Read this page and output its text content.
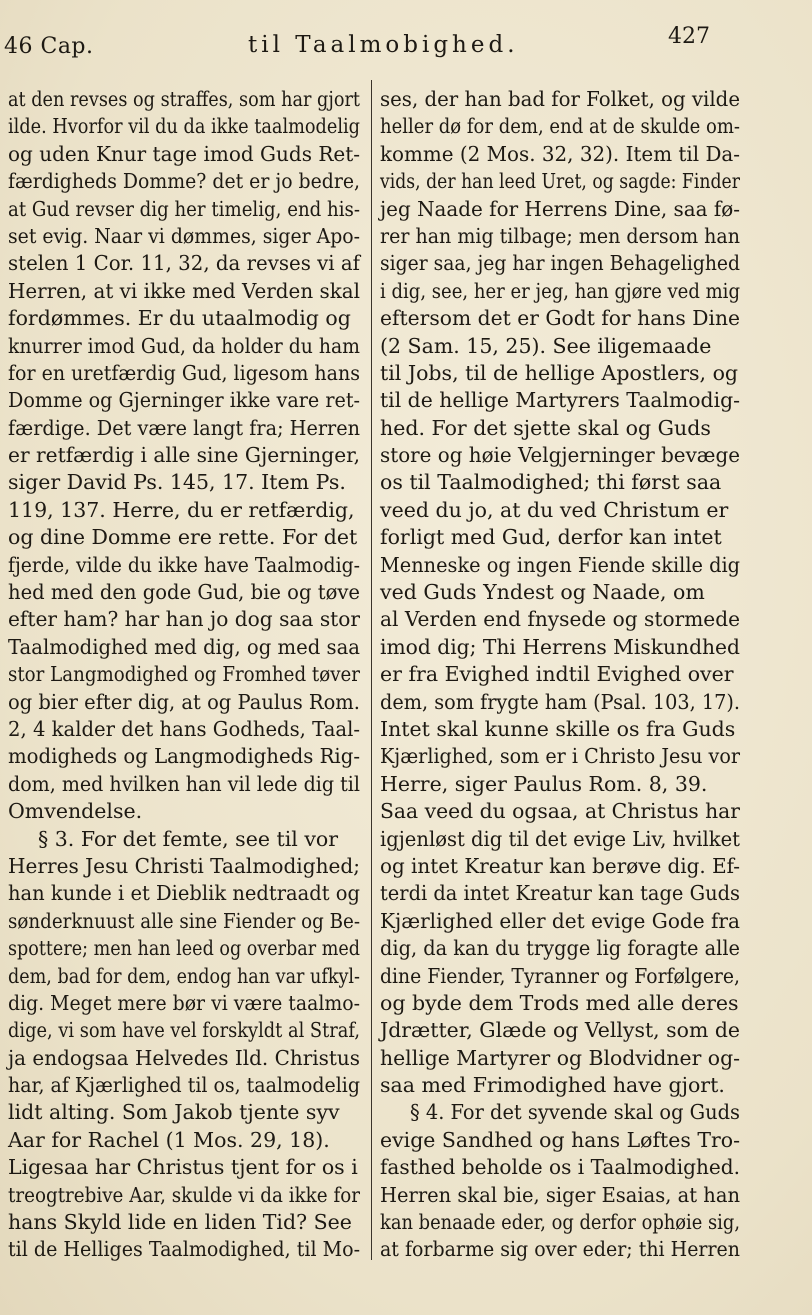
46 Cap.	til Taalmobighed.	427
at den revses og straffes, som har gjort
ilde. Hvorfor vil du da ikke taalmodelig
og uden Knur tage imod Guds Ret-
færdigheds Domme? det er jo bedre,
at Gud revser dig her timelig, end his-
set evig. Naar vi dømmes, siger Apo-
stelen 1 Cor. 11, 32, da revses vi af
Herren, at vi ikke med Verden skal
fordømmes. Er du utaalmodig og
knurrer imod Gud, da holder du ham
for en uretfærdig Gud, ligesom hans
Domme og Gjerninger ikke vare ret-
færdige. Det være langt fra; Herren
er retfærdig i alle sine Gjerninger,
siger David Ps. 145, 17. Item Ps.
119, 137. Herre, du er retfærdig,
og dine Domme ere rette. For det
fjerde, vilde du ikke have Taalmodig-
hed med den gode Gud, bie og tøve
efter ham? har han jo dog saa stor
Taalmodighed med dig, og med saa
stor Langmodighed og Fromhed tøver
og bier efter dig, at og Paulus Rom.
2, 4 kalder det hans Godheds, Taal-
modigheds og Langmodigheds Rig-
dom, med hvilken han vil lede dig til
Omvendelse.
§ 3. For det femte, see til vor
Herres Jesu Christi Taalmodighed;
han kunde i et Dieblik nedtraadt og
sønderknuust alle sine Fiender og Be-
spottere; men han leed og overbar med
dem, bad for dem, endog han var ufkyl-
dig. Meget mere bør vi være taalmo-
dige, vi som have vel forskyldt al Straf,
ja endogsaa Helvedes Ild. Christus
har, af Kjærlighed til os, taalmodelig
lidt alting. Som Jakob tjente syv
Aar for Rachel (1 Mos. 29, 18).
Ligesaa har Christus tjent for os i
treogtrebive Aar, skulde vi da ikke for
hans Skyld lide en liden Tid? See
til de Helliges Taalmodighed, til Mo-
ses, der han bad for Folket, og vilde
heller dø for dem, end at de skulde om-
komme (2 Mos. 32, 32). Item til Da-
vids, der han leed Uret, og sagde: Finder
jeg Naade for Herrens Dine, saa fø-
rer han mig tilbage; men dersom han
siger saa, jeg har ingen Behagelighed
i dig, see, her er jeg, han gjøre ved mig
eftersom det er Godt for hans Dine
(2 Sam. 15, 25). See iligemaade
til Jobs, til de hellige Apostlers, og
til de hellige Martyrers Taalmodig-
hed. For det sjette skal og Guds
store og høie Velgjerninger bevæge
os til Taalmodighed; thi først saa
veed du jo, at du ved Christum er
forligt med Gud, derfor kan intet
Menneske og ingen Fiende skille dig
ved Guds Yndest og Naade, om
al Verden end fnysede og stormede
imod dig; Thi Herrens Miskundhed
er fra Evighed indtil Evighed over
dem, som frygte ham (Psal. 103, 17).
Intet skal kunne skille os fra Guds
Kjærlighed, som er i Christo Jesu vor
Herre, siger Paulus Rom. 8, 39.
Saa veed du ogsaa, at Christus har
igjenløst dig til det evige Liv, hvilket
og intet Kreatur kan berøve dig. Ef-
terdi da intet Kreatur kan tage Guds
Kjærlighed eller det evige Gode fra
dig, da kan du trygge lig foragte alle
dine Fiender, Tyranner og Forfølgere,
og byde dem Trods med alle deres
Jdrætter, Glæde og Vellyst, som de
hellige Martyrer og Blodvidner og-
saa med Frimodighed have gjort.
§ 4. For det syvende skal og Guds
evige Sandhed og hans Løftes Tro-
fasthed beholde os i Taalmodighed.
Herren skal bie, siger Esaias, at han
kan benaade eder, og derfor ophøie sig,
at forbarme sig over eder; thi Herren
